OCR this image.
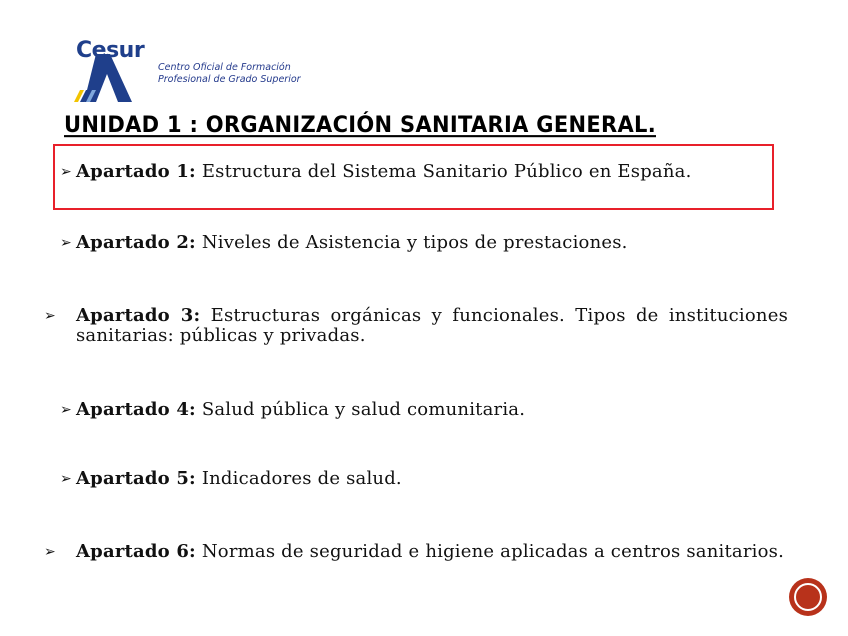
Cesur
Centro Oficial de Formación
Profesional de Grado Superior
UNIDAD 1 : ORGANIZACIÓN SANITARIA GENERAL.
➢ Apartado 1: Estructura del Sistema Sanitario Público en España.
➢ Apartado 2: Niveles de Asistencia y tipos de prestaciones.
➢ Apartado 3: Estructuras orgánicas y funcionales. Tipos de instituciones sanitarias: públicas y privadas.
➢ Apartado 4: Salud pública y salud comunitaria.
➢ Apartado 5: Indicadores de salud.
➢ Apartado 6: Normas de seguridad e higiene aplicadas a centros sanitarios.
